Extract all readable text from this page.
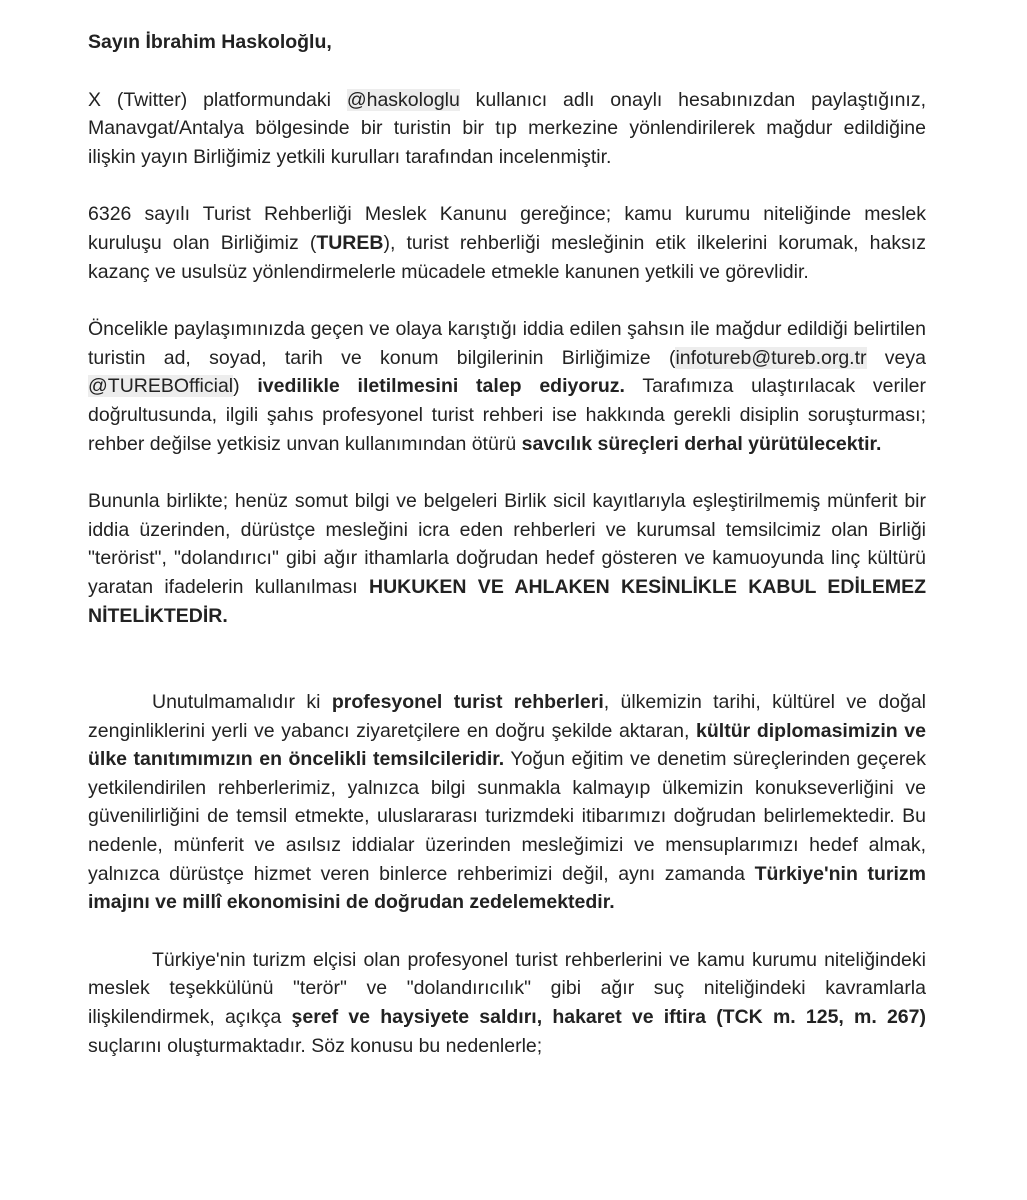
Sayın İbrahim Haskoloğlu,

X (Twitter) platformundaki @haskologlu kullanıcı adlı onaylı hesabınızdan paylaştığınız, Manavgat/Antalya bölgesinde bir turistin bir tıp merkezine yönlendirilerek mağdur edildiğine ilişkin yayın Birliğimiz yetkili kurulları tarafından incelenmiştir.

6326 sayılı Turist Rehberliği Meslek Kanunu gereğince; kamu kurumu niteliğinde meslek kuruluşu olan Birliğimiz (TUREB), turist rehberliği mesleğinin etik ilkelerini korumak, haksız kazanç ve usulsüz yönlendirmelerle mücadele etmekle kanunen yetkili ve görevlidir.

Öncelikle paylaşımınızda geçen ve olaya karıştığı iddia edilen şahsın ile mağdur edildiği belirtilen turistin ad, soyad, tarih ve konum bilgilerinin Birliğimize (infotureb@tureb.org.tr veya @TUREBOfficial) ivedilikle iletilmesini talep ediyoruz. Tarafımıza ulaştırılacak veriler doğrultusunda, ilgili şahıs profesyonel turist rehberi ise hakkında gerekli disiplin soruşturması; rehber değilse yetkisiz unvan kullanımından ötürü savcılık süreçleri derhal yürütülecektir.

Bununla birlikte; henüz somut bilgi ve belgeleri Birlik sicil kayıtlarıyla eşleştirilmemiş münferit bir iddia üzerinden, dürüstçe mesleğini icra eden rehberleri ve kurumsal temsilcimiz olan Birliği "terörist", "dolandırıcı" gibi ağır ithamlarla doğrudan hedef gösteren ve kamuoyunda linç kültürü yaratan ifadelerin kullanılması HUKUKEN VE AHLAKEN KESİNLİKLE KABUL EDİLEMEZ NİTELİKTEDİR.

Unutulmamalıdır ki profesyonel turist rehberleri, ülkemizin tarihi, kültürel ve doğal zenginliklerini yerli ve yabancı ziyaretçilere en doğru şekilde aktaran, kültür diplomasimizin ve ülke tanıtımımızın en öncelikli temsilcileridir. Yoğun eğitim ve denetim süreçlerinden geçerek yetkilendirilen rehberlerimiz, yalnızca bilgi sunmakla kalmayıp ülkemizin konukseverliğini ve güvenilirliğini de temsil etmekte, uluslararası turizmdeki itibarımızı doğrudan belirlemektedir. Bu nedenle, münferit ve asılsız iddialar üzerinden mesleğimizi ve mensuplarımızı hedef almak, yalnızca dürüstçe hizmet veren binlerce rehberimizi değil, aynı zamanda Türkiye'nin turizm imajını ve millî ekonomisini de doğrudan zedelemektedir.

Türkiye'nin turizm elçisi olan profesyonel turist rehberlerini ve kamu kurumu niteliğindeki meslek teşekkülünü "terör" ve "dolandırıcılık" gibi ağır suç niteliğindeki kavramlarla ilişkilendirmek, açıkça şeref ve haysiyete saldırı, hakaret ve iftira (TCK m. 125, m. 267) suçlarını oluşturmaktadır. Söz konusu bu nedenlerle;
